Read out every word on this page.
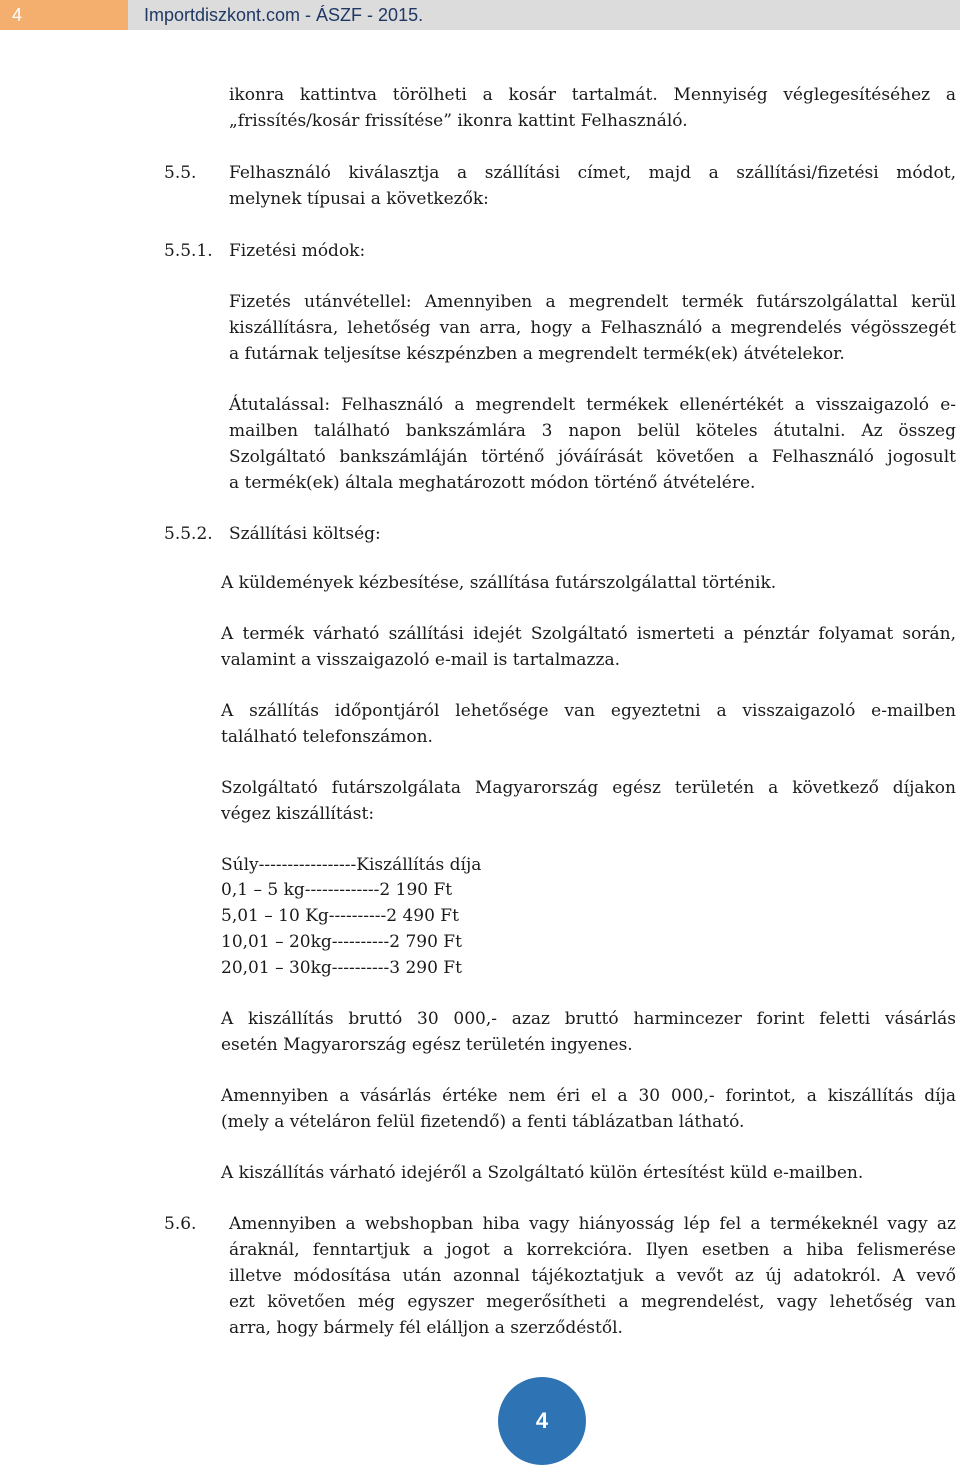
4	Importdiszkont.com - ÁSZF - 2015.
ikonra kattintva törölheti a kosár tartalmát. Mennyiség véglegesítéséhez a
„frissítés/kosár frissítése” ikonra kattint Felhasználó.
5.5. Felhasználó kiválasztja a szállítási címet, majd a szállítási/fizetési módot,
melynek típusai a következők:
5.5.1. Fizetési módok:
Fizetés utánvétellel: Amennyiben a megrendelt termék futárszolgálattal kerül
kiszállításra, lehetőség van arra, hogy a Felhasználó a megrendelés végösszegét
a futárnak teljesítse készpénzben a megrendelt termék(ek) átvételekor.
Átutalással: Felhasználó a megrendelt termékek ellenértékét a visszaigazoló e-
mailben található bankszámlára 3 napon belül köteles átutalni. Az összeg
Szolgáltató bankszámláján történő jóváírását követően a Felhasználó jogosult
a termék(ek) általa meghatározott módon történő átvételére.
5.5.2. Szállítási költség:
A küldemények kézbesítése, szállítása futárszolgálattal történik.
A termék várható szállítási idejét Szolgáltató ismerteti a pénztár folyamat során,
valamint a visszaigazoló e-mail is tartalmazza.
A szállítás időpontjáról lehetősége van egyeztetni a visszaigazoló e-mailben
található telefonszámon.
Szolgáltató futárszolgálata Magyarország egész területén a következő díjakon
végez kiszállítást:
Súly-----------------Kiszállítás díja
0,1 – 5 kg-------------2 190 Ft
5,01 – 10 Kg----------2 490 Ft
10,01 – 20kg----------2 790 Ft
20,01 – 30kg----------3 290 Ft
A kiszállítás bruttó 30 000,- azaz bruttó harmincezer forint feletti vásárlás
esetén Magyarország egész területén ingyenes.
Amennyiben a vásárlás értéke nem éri el a 30 000,- forintot, a kiszállítás díja
(mely a vételáron felül fizetendő) a fenti táblázatban látható.
A kiszállítás várható idejéről a Szolgáltató külön értesítést küld e-mailben.
5.6. Amennyiben a webshopban hiba vagy hiányosság lép fel a termékeknél vagy az
áraknál, fenntartjuk a jogot a korrekcióra. Ilyen esetben a hiba felismerése
illetve módosítása után azonnal tájékoztatjuk a vevőt az új adatokról. A vevő
ezt követően még egyszer megerősítheti a megrendelést, vagy lehetőség van
arra, hogy bármely fél elálljon a szerződéstől.
4
